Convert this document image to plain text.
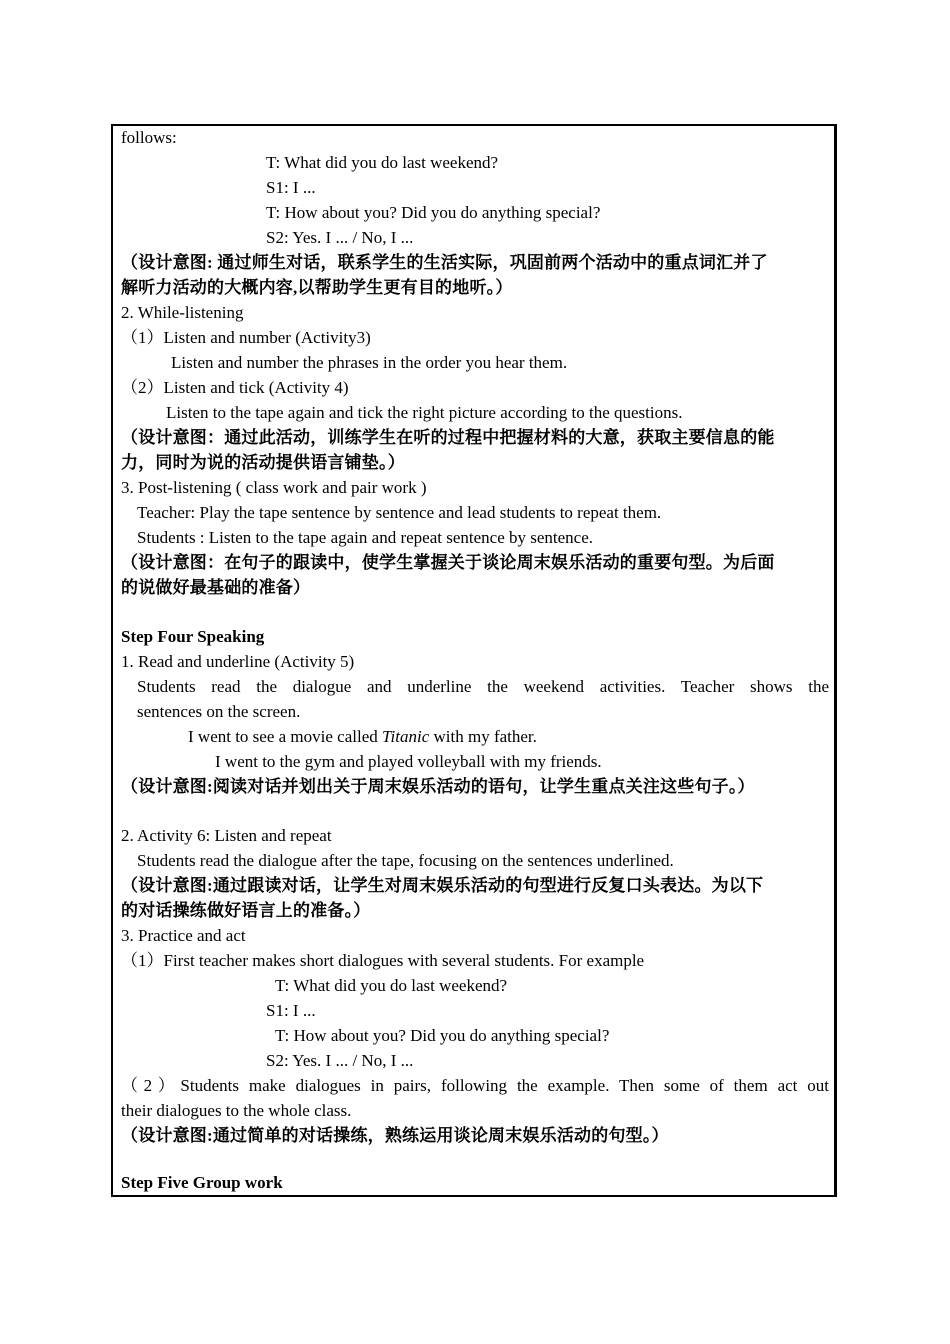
follows:
T: What did you do last weekend?
S1: I ...
T: How about you? Did you do anything special?
S2: Yes. I ... / No, I ...
（设计意图: 通过师生对话，联系学生的生活实际，巩固前两个活动中的重点词汇并了
解听力活动的大概内容,以帮助学生更有目的地听。）
2. While-listening
（1）Listen and number (Activity3)
Listen and number the phrases in the order you hear them.
（2）Listen and tick (Activity 4)
Listen to the tape again and tick the right picture according to the questions.
（设计意图：通过此活动，训练学生在听的过程中把握材料的大意，获取主要信息的能
力，同时为说的活动提供语言铺垫。）
3. Post-listening ( class work and pair work )
Teacher: Play the tape sentence by sentence and lead students to repeat them.
Students : Listen to the tape again and repeat sentence by sentence.
（设计意图：在句子的跟读中，使学生掌握关于谈论周末娱乐活动的重要句型。为后面
的说做好最基础的准备）
Step Four Speaking
1. Read and underline (Activity 5)
Students read the dialogue and underline the weekend activities. Teacher shows the
sentences on the screen.
I went to see a movie called Titanic with my father.
I went to the gym and played volleyball with my friends.
（设计意图:阅读对话并划出关于周末娱乐活动的语句，让学生重点关注这些句子。）
2. Activity 6: Listen and repeat
Students read the dialogue after the tape, focusing on the sentences underlined.
（设计意图:通过跟读对话，让学生对周末娱乐活动的句型进行反复口头表达。为以下
的对话操练做好语言上的准备。）
3. Practice and act
（1）First teacher makes short dialogues with several students. For example
T: What did you do last weekend?
S1: I ...
T: How about you? Did you do anything special?
S2: Yes. I ... / No, I ...
（2）Students make dialogues in pairs, following the example. Then some of them act out
their dialogues to the whole class.
（设计意图:通过简单的对话操练，熟练运用谈论周末娱乐活动的句型。）
Step Five Group work
